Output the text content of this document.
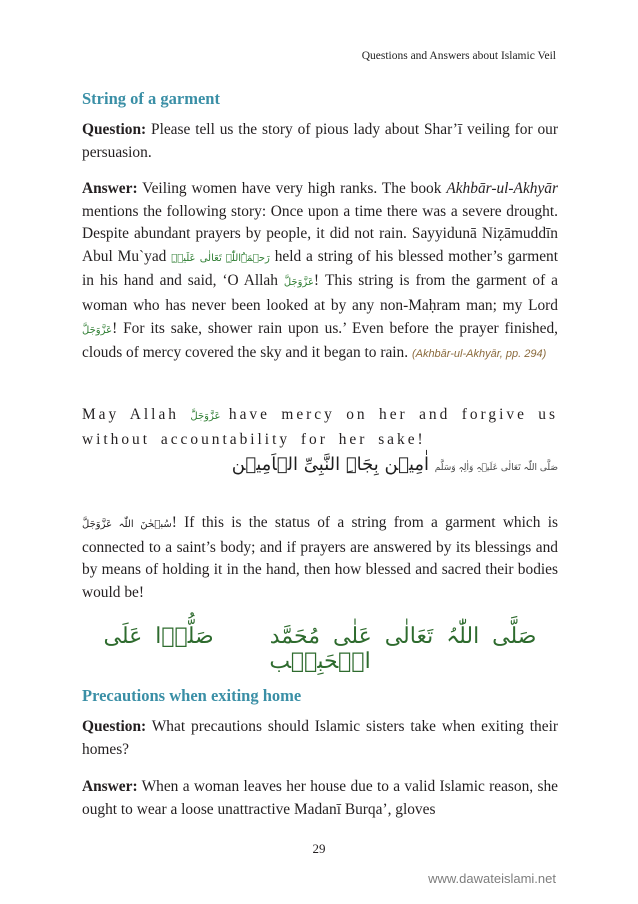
Questions and Answers about Islamic Veil
String of a garment

Question: Please tell us the story of pious lady about Shar’ī veiling for our persuasion.

Answer: Veiling women have very high ranks. The book Akhbār-ul-Akhyār mentions the following story: Once upon a time there was a severe drought. Despite abundant prayers by people, it did not rain. Sayyidunā Niẓāmuddīn Abul Mu`yad رَحۡمَۃُاللّٰہِ تَعَالٰی عَلَیۡہِ held a string of his blessed mother’s garment in his hand and said, ‘O Allah عَزَّوَجَلَّ! This string is from the garment of a woman who has never been looked at by any non-Maḥram man; my Lord عَزَّوَجَلَّ! For its sake, shower rain upon us.’ Even before the prayer finished, clouds of mercy covered the sky and it began to rain. (Akhbār-ul-Akhyār, pp. 294)

May Allah عَزَّوَجَلَّ have mercy on her and forgive us without accountability for her sake!

صَلَّی اللّٰہ تَعَالٰی عَلَیۡہِ وَاٰلِہٖ وَسَلَّم اٰمِیۡن بِجَاہِ النَّبِیِّ الۡاَمِیۡن

سُبۡحٰنَ اللّٰہ عَزَّوَجَلَّ! If this is the status of a string from a garment which is connected to a saint’s body; and if prayers are answered by its blessings and by means of holding it in the hand, then how blessed and sacred their bodies would be!

صَلَّی اللّٰہُ تَعَالٰی عَلٰی مُحَمَّد  صَلُّوۡا عَلَی الۡحَبِیۡب
Precautions when exiting home

Question: What precautions should Islamic sisters take when exiting their homes?

Answer: When a woman leaves her house due to a valid Islamic reason, she ought to wear a loose unattractive Madanī Burqa’, gloves

29
www.dawateislami.net
